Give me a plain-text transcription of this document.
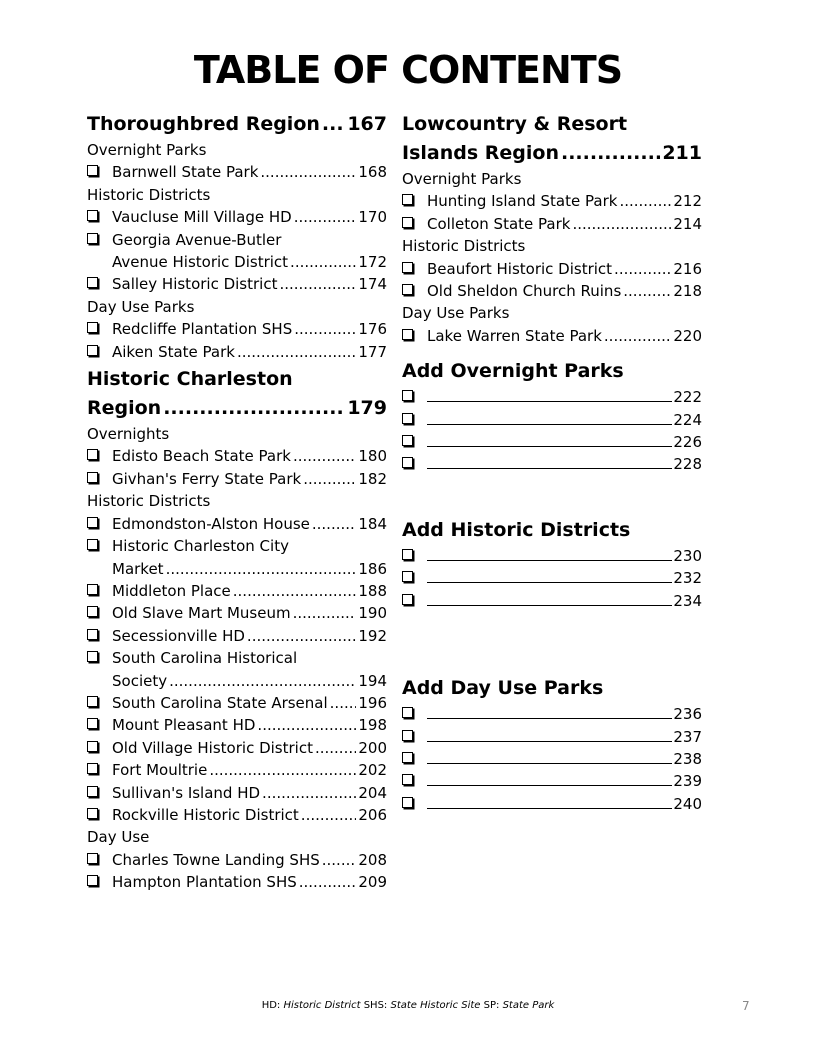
TABLE OF CONTENTS
Thoroughbred Region ..... 167
Overnight Parks
Barnwell State Park .....	168
Historic Districts
Vaucluse Mill Village HD .....	170
Georgia Avenue-Butler
Avenue Historic District .....	172
Salley Historic District .....	174
Day Use Parks
Redcliffe Plantation SHS .....	176
Aiken State Park .....	177
Historic Charleston
Region .....	179
Overnights
Edisto Beach State Park .....	180
Givhan's Ferry State Park .....	182
Historic Districts
Edmondston-Alston House .....	184
Historic Charleston City
Market .....	186
Middleton Place .....	188
Old Slave Mart Museum .....	190
Secessionville HD .....	192
South Carolina Historical
Society .....	194
South Carolina State Arsenal ..... 196
Mount Pleasant HD .....	198
Old Village Historic District .....	200
Fort Moultrie .....	202
Sullivan's Island HD .....	204
Rockville Historic District .....	206
Day Use
Charles Towne Landing SHS .....	208
Hampton Plantation SHS .....	209
Lowcountry & Resort
Islands Region .....	211
Overnight Parks
Hunting Island State Park .....	212
Colleton State Park .....	214
Historic Districts
Beaufort Historic District .....	216
Old Sheldon Church Ruins .....	218
Day Use Parks
Lake Warren State Park .....	220
Add Overnight Parks
222
224
226
228
Add Historic Districts
230
232
234
Add Day Use Parks
236
237
238
239
240
HD: Historic District SHS: State Historic Site SP: State Park	7
